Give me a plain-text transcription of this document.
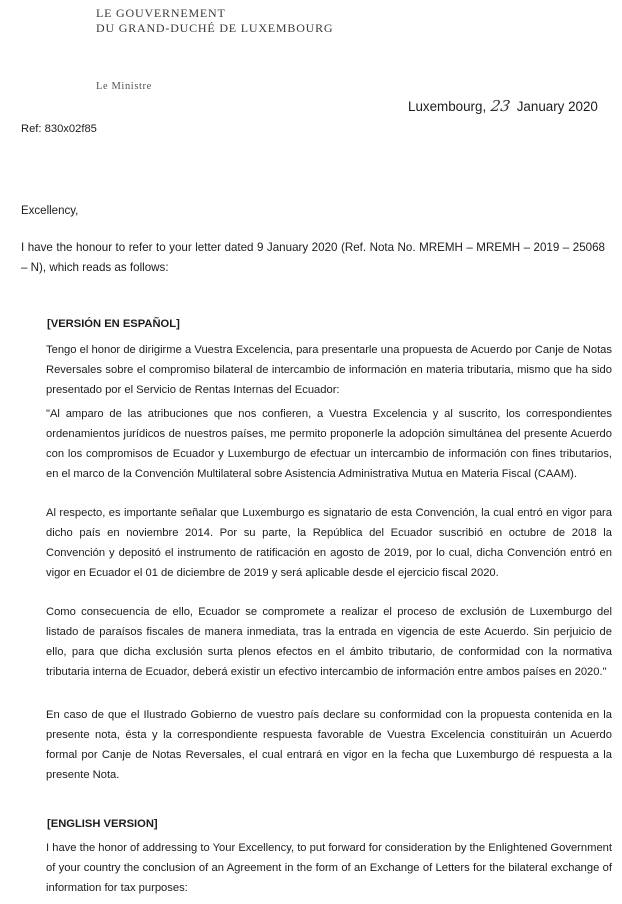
LE GOUVERNEMENT
DU GRAND-DUCHÉ DE LUXEMBOURG
Le Ministre
Luxembourg, 23 January 2020
Ref: 830x02f85
Excellency,
I have the honour to refer to your letter dated 9 January 2020 (Ref. Nota No. MREMH – MREMH – 2019 – 25068 – N), which reads as follows:
[VERSIÓN EN ESPAÑOL]
Tengo el honor de dirigirme a Vuestra Excelencia, para presentarle una propuesta de Acuerdo por Canje de Notas Reversales sobre el compromiso bilateral de intercambio de información en materia tributaria, mismo que ha sido presentado por el Servicio de Rentas Internas del Ecuador:
"Al amparo de las atribuciones que nos confieren, a Vuestra Excelencia y al suscrito, los correspondientes ordenamientos jurídicos de nuestros países, me permito proponerle la adopción simultánea del presente Acuerdo con los compromisos de Ecuador y Luxemburgo de efectuar un intercambio de información con fines tributarios, en el marco de la Convención Multilateral sobre Asistencia Administrativa Mutua en Materia Fiscal (CAAM).
Al respecto, es importante señalar que Luxemburgo es signatario de esta Convención, la cual entró en vigor para dicho país en noviembre 2014. Por su parte, la República del Ecuador suscribió en octubre de 2018 la Convención y depositó el instrumento de ratificación en agosto de 2019, por lo cual, dicha Convención entró en vigor en Ecuador el 01 de diciembre de 2019 y será aplicable desde el ejercicio fiscal 2020.
Como consecuencia de ello, Ecuador se compromete a realizar el proceso de exclusión de Luxemburgo del listado de paraísos fiscales de manera inmediata, tras la entrada en vigencia de este Acuerdo. Sin perjuicio de ello, para que dicha exclusión surta plenos efectos en el ámbito tributario, de conformidad con la normativa tributaria interna de Ecuador, deberá existir un efectivo intercambio de información entre ambos países en 2020."
En caso de que el Ilustrado Gobierno de vuestro país declare su conformidad con la propuesta contenida en la presente nota, ésta y la correspondiente respuesta favorable de Vuestra Excelencia constituirán un Acuerdo formal por Canje de Notas Reversales, el cual entrará en vigor en la fecha que Luxemburgo dé respuesta a la presente Nota.
[ENGLISH VERSION]
I have the honor of addressing to Your Excellency, to put forward for consideration by the Enlightened Government of your country the conclusion of an Agreement in the form of an Exchange of Letters for the bilateral exchange of information for tax purposes:
